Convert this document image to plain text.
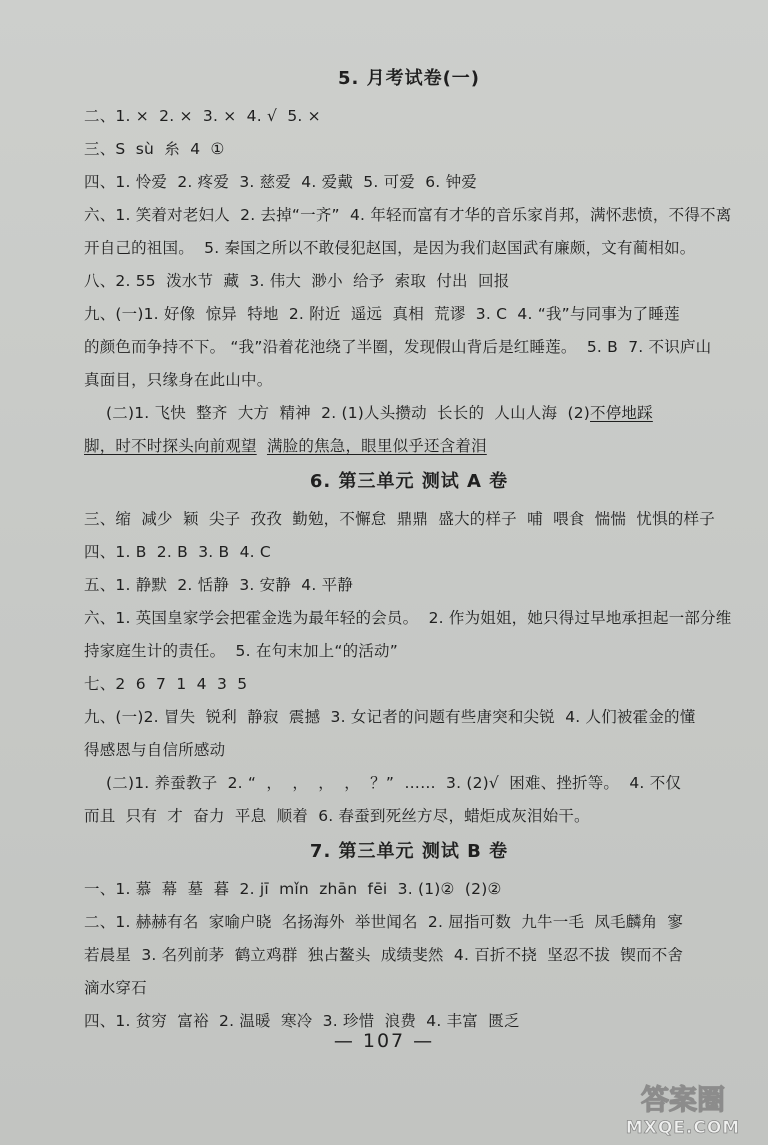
5. 月考试卷(一)
二、1. ×  2. ×  3. ×  4. √  5. ×
三、S  sù  糸  4  ①
四、1. 怜爱  2. 疼爱  3. 慈爱  4. 爱戴  5. 可爱  6. 钟爱
六、1. 笑着对老妇人  2. 去掉“一齐”  4. 年轻而富有才华的音乐家肖邦，满怀悲愤，不得不离
开自己的祖国。  5. 秦国之所以不敢侵犯赵国，是因为我们赵国武有廉颇，文有蔺相如。
八、2. 55  泼水节  藏  3. 伟大  渺小  给予  索取  付出  回报
九、(一)1. 好像  惊异  特地  2. 附近  遥远  真相  荒谬  3. C  4. “我”与同事为了睡莲
的颜色而争持不下。 “我”沿着花池绕了半圈，发现假山背后是红睡莲。  5. B  7. 不识庐山
真面目，只缘身在此山中。
(二)1. 飞快  整齐  大方  精神  2. (1)人头攒动  长长的  人山人海  (2)不停地踩
脚，时不时探头向前观望 满脸的焦急，眼里似乎还含着泪
6. 第三单元 测试 A 卷
三、缩  减少  颖  尖子  孜孜  勤勉，不懈怠  鼎鼎  盛大的样子  哺  喂食  惴惴  忧惧的样子
四、1. B  2. B  3. B  4. C
五、1. 静默  2. 恬静  3. 安静  4. 平静
六、1. 英国皇家学会把霍金选为最年轻的会员。  2. 作为姐姐，她只得过早地承担起一部分维
持家庭生计的责任。  5. 在句末加上“的活动”
七、2  6  7  1  4  3  5
九、(一)2. 冒失  锐利  静寂  震撼  3. 女记者的问题有些唐突和尖锐  4. 人们被霍金的懂
得感恩与自信所感动
(二)1. 养蚕教子  2. “  ，  ，  ，  ，  ？”  ……  3. (2)√  困难、挫折等。  4. 不仅
而且  只有  才  奋力  平息  顺着  6. 春蚕到死丝方尽，蜡炬成灰泪始干。
7. 第三单元 测试 B 卷
一、1. 慕  幕  墓  暮  2. jī  mǐn  zhān  fēi  3. (1)②  (2)②
二、1. 赫赫有名  家喻户晓  名扬海外  举世闻名  2. 屈指可数  九牛一毛  凤毛麟角  寥
若晨星  3. 名列前茅  鹤立鸡群  独占鳌头  成绩斐然  4. 百折不挠  坚忍不拔  锲而不舍
滴水穿石
四、1. 贫穷  富裕  2. 温暖  寒冷  3. 珍惜  浪费  4. 丰富  匮乏
— 107 —
答案圈
MXQE.COM
